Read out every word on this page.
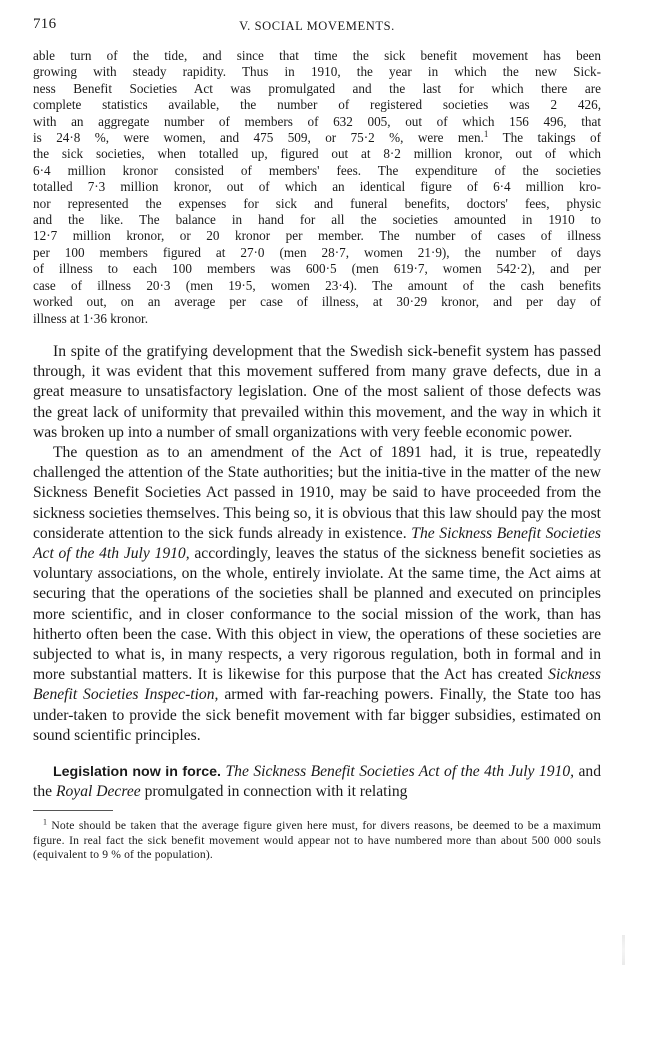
716	V. SOCIAL MOVEMENTS.
able turn of the tide, and since that time the sick benefit movement has been
growing with steady rapidity. Thus in 1910, the year in which the new Sick-
ness Benefit Societies Act was promulgated and the last for which there are
complete statistics available, the number of registered societies was 2 426,
with an aggregate number of members of 632 005, out of which 156 496, that
is 24·8 %, were women, and 475 509, or 75·2 %, were men.$^1$ The takings of
the sick societies, when totalled up, figured out at 8·2 million kronor, out of which
6·4 million kronor consisted of members' fees. The expenditure of the societies
totalled 7·3 million kronor, out of which an identical figure of 6·4 million kro-
nor represented the expenses for sick and funeral benefits, doctors' fees, physic
and the like. The balance in hand for all the societies amounted in 1910 to
12·7 million kronor, or 20 kronor per member. The number of cases of illness
per 100 members figured at 27·0 (men 28·7, women 21·9), the number of days
of illness to each 100 members was 600·5 (men 619·7, women 542·2), and per
case of illness 20·3 (men 19·5, women 23·4). The amount of the cash benefits
worked out, on an average per case of illness, at 30·29 kronor, and per day of
illness at 1·36 kronor.

In spite of the gratifying development that the Swedish sick-benefit system has passed through, it was evident that this movement suffered from many grave defects, due in a great measure to unsatisfactory legislation. One of the most salient of those defects was the great lack of uniformity that prevailed within this movement, and the way in which it was broken up into a number of small organizations with very feeble economic power.

The question as to an amendment of the Act of 1891 had, it is true, repeatedly challenged the attention of the State authorities; but the initia-tive in the matter of the new Sickness Benefit Societies Act passed in 1910, may be said to have proceeded from the sickness societies themselves. This being so, it is obvious that this law should pay the most considerate attention to the sick funds already in existence. The Sickness Benefit Societies Act of the 4th July 1910, accordingly, leaves the status of the sickness benefit societies as voluntary associations, on the whole, entirely inviolate. At the same time, the Act aims at securing that the operations of the societies shall be planned and executed on principles more scientific, and in closer conformance to the social mission of the work, than has hitherto often been the case. With this object in view, the operations of these societies are subjected to what is, in many respects, a very rigorous regulation, both in formal and in more substantial matters. It is likewise for this purpose that the Act has created Sickness Benefit Societies Inspec-tion, armed with far-reaching powers. Finally, the State too has under-taken to provide the sick benefit movement with far bigger subsidies, estimated on sound scientific principles.

Legislation now in force. The Sickness Benefit Societies Act of the 4th July 1910, and the Royal Decree promulgated in connection with it relating

$^1$ Note should be taken that the average figure given here must, for divers reasons, be deemed to be a maximum figure. In real fact the sick benefit movement would appear not to have numbered more than about 500 000 souls (equivalent to 9 % of the population).
